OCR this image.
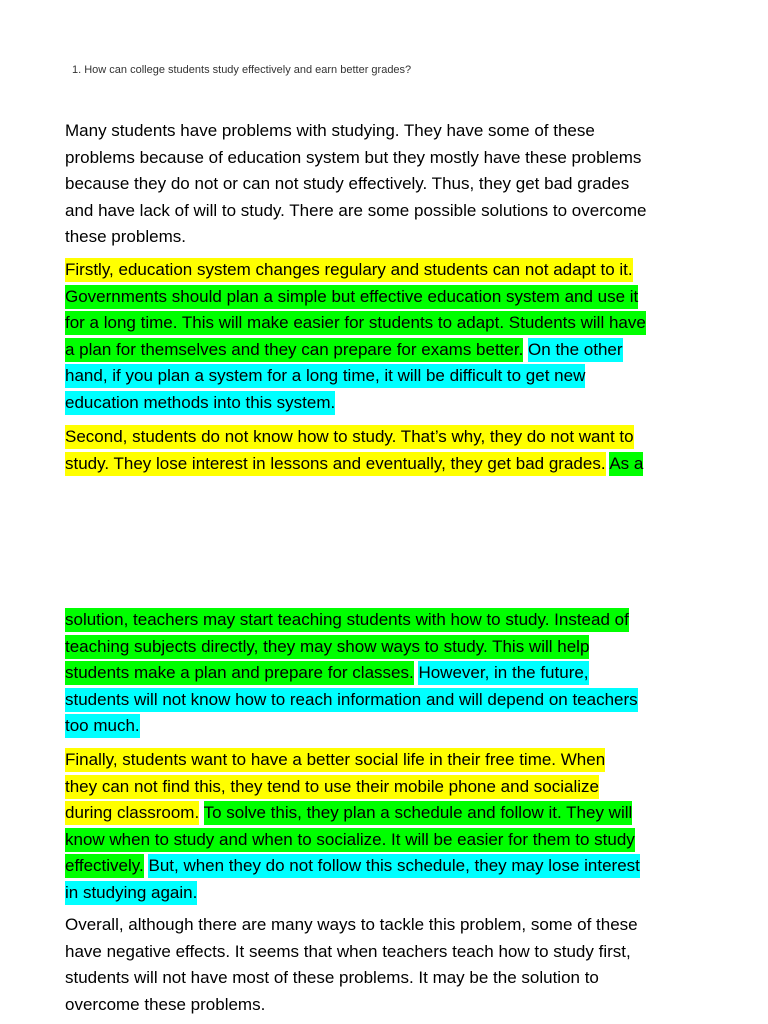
1. How can college students study effectively and earn better grades?
Many students have problems with studying. They have some of these
problems because of education system but they mostly have these problems
because they do not or can not study effectively. Thus, they get bad grades
and have lack of will to study. There are some possible solutions to overcome
these problems.
Firstly, education system changes regulary and students can not adapt to it.
Governments should plan a simple but effective education system and use it
for a long time. This will make easier for students to adapt. Students will have
a plan for themselves and they can prepare for exams better. On the other
hand, if you plan a system for a long time, it will be difficult to get new
education methods into this system.
Second, students do not know how to study. That’s why, they do not want to
study. They lose interest in lessons and eventually, they get bad grades. As a
solution, teachers may start teaching students with how to study. Instead of
teaching subjects directly, they may show ways to study. This will help
students make a plan and prepare for classes. However, in the future,
students will not know how to reach information and will depend on teachers
too much.
Finally, students want to have a better social life in their free time. When
they can not find this, they tend to use their mobile phone and socialize
during classroom. To solve this, they plan a schedule and follow it. They will
know when to study and when to socialize. It will be easier for them to study
effectively. But, when they do not follow this schedule, they may lose interest
in studying again.
Overall, although there are many ways to tackle this problem, some of these
have negative effects. It seems that when teachers teach how to study first,
students will not have most of these problems. It may be the solution to
overcome these problems.
